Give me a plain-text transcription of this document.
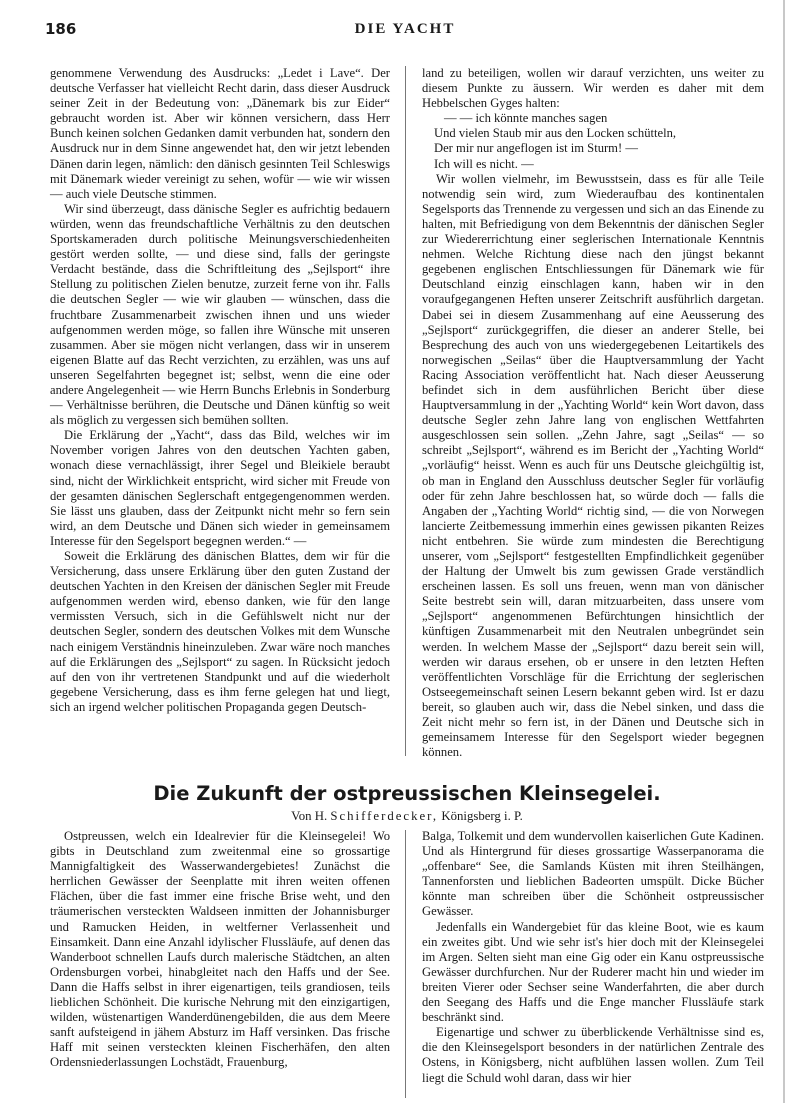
186	DIE YACHT

genommene Verwendung des Ausdrucks: „Ledet i Lave“. Der deutsche Verfasser hat vielleicht Recht darin, dass dieser Ausdruck seiner Zeit in der Bedeutung von: „Dänemark bis zur Eider“ gebraucht worden ist. Aber wir können versichern, dass Herr Bunch keinen solchen Gedanken damit verbunden hat, sondern den Ausdruck nur in dem Sinne angewendet hat, den wir jetzt lebenden Dänen darin legen, nämlich: den dänisch gesinnten Teil Schleswigs mit Dänemark wieder vereinigt zu sehen, wofür — wie wir wissen — auch viele Deutsche stimmen.

Wir sind überzeugt, dass dänische Segler es aufrichtig bedauern würden, wenn das freundschaftliche Verhältnis zu den deutschen Sportskameraden durch politische Meinungsverschiedenheiten gestört werden sollte, — und diese sind, falls der geringste Verdacht bestände, dass die Schriftleitung des „Sejlsport“ ihre Stellung zu politischen Zielen benutze, zurzeit ferne von ihr. Falls die deutschen Segler — wie wir glauben — wünschen, dass die fruchtbare Zusammenarbeit zwischen ihnen und uns wieder aufgenommen werden möge, so fallen ihre Wünsche mit unseren zusammen. Aber sie mögen nicht verlangen, dass wir in unserem eigenen Blatte auf das Recht verzichten, zu erzählen, was uns auf unseren Segelfahrten begegnet ist; selbst, wenn die eine oder andere Angelegenheit — wie Herrn Bunchs Erlebnis in Sonderburg — Verhältnisse berühren, die Deutsche und Dänen künftig so weit als möglich zu vergessen sich bemühen sollten.

Die Erklärung der „Yacht“, dass das Bild, welches wir im November vorigen Jahres von den deutschen Yachten gaben, wonach diese vernachlässigt, ihrer Segel und Bleikiele beraubt sind, nicht der Wirklichkeit entspricht, wird sicher mit Freude von der gesamten dänischen Seglerschaft entgegengenommen werden. Sie lässt uns glauben, dass der Zeitpunkt nicht mehr so fern sein wird, an dem Deutsche und Dänen sich wieder in gemeinsamem Interesse für den Segelsport begegnen werden.“ —

Soweit die Erklärung des dänischen Blattes, dem wir für die Versicherung, dass unsere Erklärung über den guten Zustand der deutschen Yachten in den Kreisen der dänischen Segler mit Freude aufgenommen werden wird, ebenso danken, wie für den lange vermissten Versuch, sich in die Gefühlswelt nicht nur der deutschen Segler, sondern des deutschen Volkes mit dem Wunsche nach einigem Verständnis hineinzuleben. Zwar wäre noch manches auf die Erklärungen des „Sejlsport“ zu sagen. In Rücksicht jedoch auf den von ihr vertretenen Standpunkt und auf die wiederholt gegebene Versicherung, dass es ihm ferne gelegen hat und liegt, sich an irgend welcher politischen Propaganda gegen Deutsch-

land zu beteiligen, wollen wir darauf verzichten, uns weiter zu diesem Punkte zu äussern. Wir werden es daher mit dem Hebbelschen Gyges halten:

— — ich könnte manches sagen

Und vielen Staub mir aus den Locken schütteln,

Der mir nur angeflogen ist im Sturm! —

Ich will es nicht. —

Wir wollen vielmehr, im Bewusstsein, dass es für alle Teile notwendig sein wird, zum Wiederaufbau des kontinentalen Segelsports das Trennende zu vergessen und sich an das Einende zu halten, mit Befriedigung von dem Bekenntnis der dänischen Segler zur Wiedererrichtung einer seglerischen Internationale Kenntnis nehmen. Welche Richtung diese nach den jüngst bekannt gegebenen englischen Entschliessungen für Dänemark wie für Deutschland einzig einschlagen kann, haben wir in den voraufgegangenen Heften unserer Zeitschrift ausführlich dargetan. Dabei sei in diesem Zusammenhang auf eine Aeusserung des „Sejlsport“ zurückgegriffen, die dieser an anderer Stelle, bei Besprechung des auch von uns wiedergegebenen Leitartikels des norwegischen „Seilas“ über die Hauptversammlung der Yacht Racing Association veröffentlicht hat. Nach dieser Aeusserung befindet sich in dem ausführlichen Bericht über diese Hauptversammlung in der „Yachting World“ kein Wort davon, dass deutsche Segler zehn Jahre lang von englischen Wettfahrten ausgeschlossen sein sollen. „Zehn Jahre, sagt „Seilas“ — so schreibt „Sejlsport“, während es im Bericht der „Yachting World“ „vorläufig“ heisst. Wenn es auch für uns Deutsche gleichgültig ist, ob man in England den Ausschluss deutscher Segler für vorläufig oder für zehn Jahre beschlossen hat, so würde doch — falls die Angaben der „Yachting World“ richtig sind, — die von Norwegen lancierte Zeitbemessung immerhin eines gewissen pikanten Reizes nicht entbehren. Sie würde zum mindesten die Berechtigung unserer, vom „Sejlsport“ festgestellten Empfindlichkeit gegenüber der Haltung der Umwelt bis zum gewissen Grade verständlich erscheinen lassen. Es soll uns freuen, wenn man von dänischer Seite bestrebt sein will, daran mitzuarbeiten, dass unsere vom „Sejlsport“ angenommenen Befürchtungen hinsichtlich der künftigen Zusammenarbeit mit den Neutralen unbegründet sein werden. In welchem Masse der „Sejlsport“ dazu bereit sein will, werden wir daraus ersehen, ob er unsere in den letzten Heften veröffentlichten Vorschläge für die Errichtung der seglerischen Ostseegemeinschaft seinen Lesern bekannt geben wird. Ist er dazu bereit, so glauben auch wir, dass die Nebel sinken, und dass die Zeit nicht mehr so fern ist, in der Dänen und Deutsche sich in gemeinsamem Interesse für den Segelsport wieder begegnen können.

Die Zukunft der ostpreussischen Kleinsegelei.
Von H. Schifferdecker, Königsberg i. P.

Ostpreussen, welch ein Idealrevier für die Kleinsegelei! Wo gibts in Deutschland zum zweitenmal eine so grossartige Mannigfaltigkeit des Wasserwandergebietes! Zunächst die herrlichen Gewässer der Seenplatte mit ihren weiten offenen Flächen, über die fast immer eine frische Brise weht, und den träumerischen versteckten Waldseen inmitten der Johannisburger und Ramucken Heiden, in weltferner Verlassenheit und Einsamkeit. Dann eine Anzahl idylischer Flussläufe, auf denen das Wanderboot schnellen Laufs durch malerische Städtchen, an alten Ordensburgen vorbei, hinabgleitet nach den Haffs und der See. Dann die Haffs selbst in ihrer eigenartigen, teils grandiosen, teils lieblichen Schönheit. Die kurische Nehrung mit den einzigartigen, wilden, wüstenartigen Wanderdünengebilden, die aus dem Meere sanft aufsteigend in jähem Absturz im Haff versinken. Das frische Haff mit seinen versteckten kleinen Fischerhäfen, den alten Ordensniederlassungen Lochstädt, Frauenburg,

Balga, Tolkemit und dem wundervollen kaiserlichen Gute Kadinen. Und als Hintergrund für dieses grossartige Wasserpanorama die „offenbare“ See, die Samlands Küsten mit ihren Steilhängen, Tannenforsten und lieblichen Badeorten umspült. Dicke Bücher könnte man schreiben über die Schönheit ostpreussischer Gewässer.

Jedenfalls ein Wandergebiet für das kleine Boot, wie es kaum ein zweites gibt. Und wie sehr ist's hier doch mit der Kleinsegelei im Argen. Selten sieht man eine Gig oder ein Kanu ostpreussische Gewässer durchfurchen. Nur der Ruderer macht hin und wieder im breiten Vierer oder Sechser seine Wanderfahrten, die aber durch den Seegang des Haffs und die Enge mancher Flussläufe stark beschränkt sind.

Eigenartige und schwer zu überblickende Verhältnisse sind es, die den Kleinsegelsport besonders in der natürlichen Zentrale des Ostens, in Königsberg, nicht aufblühen lassen wollen. Zum Teil liegt die Schuld wohl daran, dass wir hier
